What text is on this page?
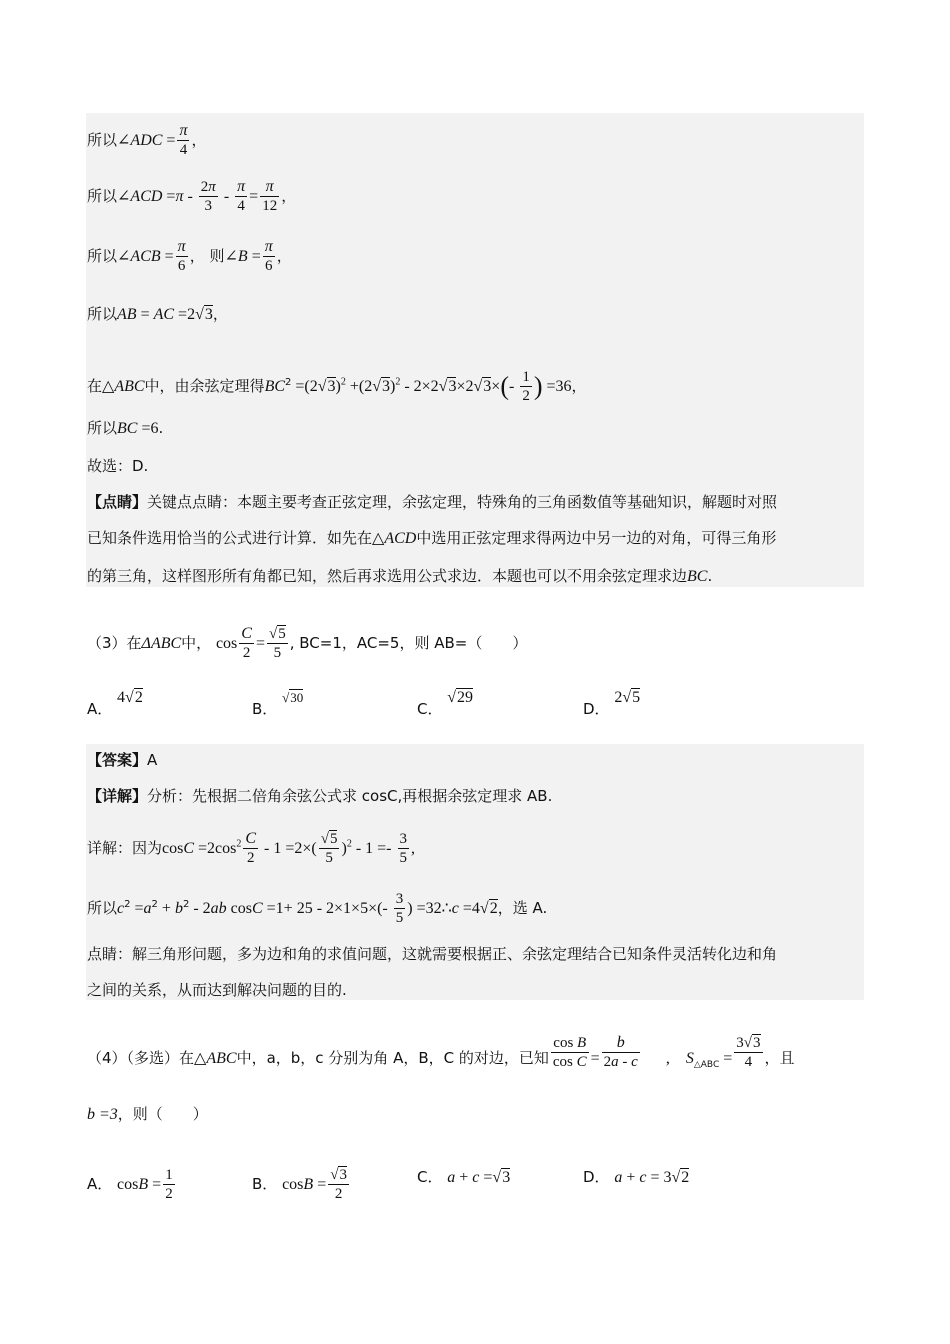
所以∠ADC = $\frac{\pi}{4}$ ，
所以∠ACD $=\pi - \frac{2\pi}{3} - \frac{\pi}{4} = \frac{\pi}{12}$ ，
所以∠ACB = $\frac{\pi}{6}$ ， 则∠B = $\frac{\pi}{6}$ ，
所以AB = AC =2√3，
在△ABC中，由余弦定理得$BC^2 =(2√3)^2 +(2√3)^2 - 2\times 2√3\times 2√3\times(- \frac{1}{2}$ ) =36，
所以BC =6.
故选：D.
【点睛】关键点点睛：本题主要考查正弦定理，余弦定理，特殊角的三角函数值等基础知识，解题时对照
已知条件选用恰当的公式进行计算．如先在△ACD中选用正弦定理求得两边中另一边的对角，可得三角形
的第三角，这样图形所有角都已知，然后再求选用公式求边．本题也可以不用余弦定理求边BC.
（3）在ΔABC中， $\cos \frac{C}{2} = \frac{√5}{5}$ , BC=1，AC=5，则 AB=（　　）
A． 4√2
B． √30
C． √29
D． 2√5
【答案】A
【详解】分析：先根据二倍角余弦公式求 cosC,再根据余弦定理求 AB.
详解：因为$\cos C =2\cos^2 \frac{C}{2} - 1 =2\times( \frac{√5}{5} )^2 - 1 =- \frac{3}{5}$ ,
所以$c^2 =a^2 + b^2 - 2ab$ $\cos C =1+ 25 - 2\times 1\times 5\times(- \frac{3}{5}$ ) =32∴c =4√2，选 A.
点睛：解三角形问题，多为边和角的求值问题，这就需要根据正、余弦定理结合已知条件灵活转化边和角
之间的关系，从而达到解决问题的目的.
（4）（多选）在△ABC中，a，b，c 分别为角 A，B，C 的对边，已知 $\frac{\text{cos B}}{\text{cos C}} = \frac{b}{2a - c}$ ,    $S_{\triangle ABC} = \frac{3√3}{4}$ ，且
b =3，则（　　）
A． $\cos B = \frac{1}{2}$	B． $\cos B = \frac{√3}{2}$	C． a + c =√3	D． a + c = 3√2
